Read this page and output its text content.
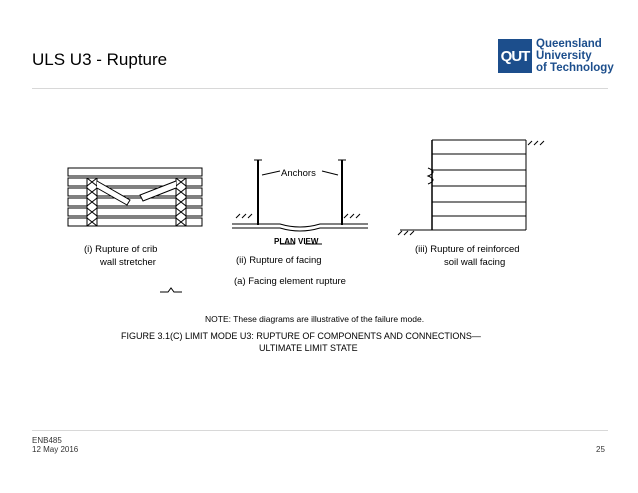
ULS U3 - Rupture	QUT
Queensland
University
of Technology
(i) Rupture of crib
wall stretcher
Anchors
PLAN VIEW
(ii) Rupture of facing
(iii) Rupture of reinforced
soil wall facing
(a) Facing element rupture
NOTE: These diagrams are illustrative of the failure mode.
FIGURE 3.1(C) LIMIT MODE U3: RUPTURE OF COMPONENTS AND CONNECTIONS—
ULTIMATE LIMIT STATE
ENB485
12 May 2016	25
